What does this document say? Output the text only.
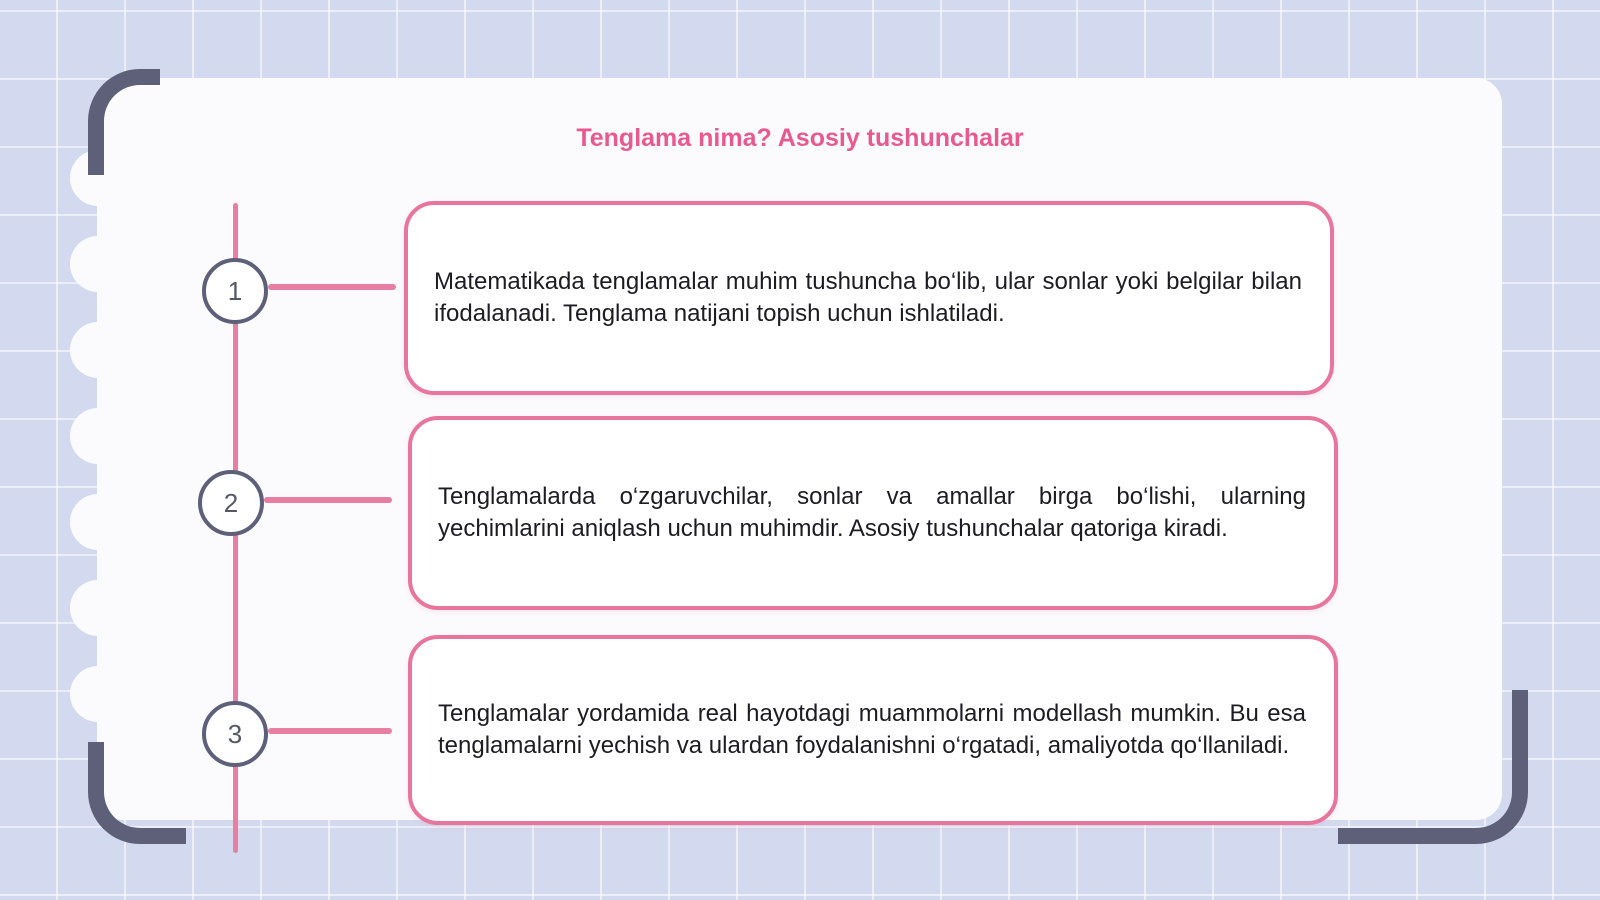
Tenglama nima? Asosiy tushunchalar
1	Matematikada tenglamalar muhim tushuncha bo‘lib, ular sonlar yoki belgilar bilan ifodalanadi. Tenglama natijani topish uchun ishlatiladi.

2	Tenglamalarda o‘zgaruvchilar, sonlar va amallar birga bo‘lishi, ularning yechimlarini aniqlash uchun muhimdir. Asosiy tushunchalar qatoriga kiradi.

3

Tenglamalar yordamida real hayotdagi muammolarni modellash mumkin. Bu esa tenglamalarni yechish va ulardan foydalanishni o‘rgatadi, amaliyotda qo‘llaniladi.
